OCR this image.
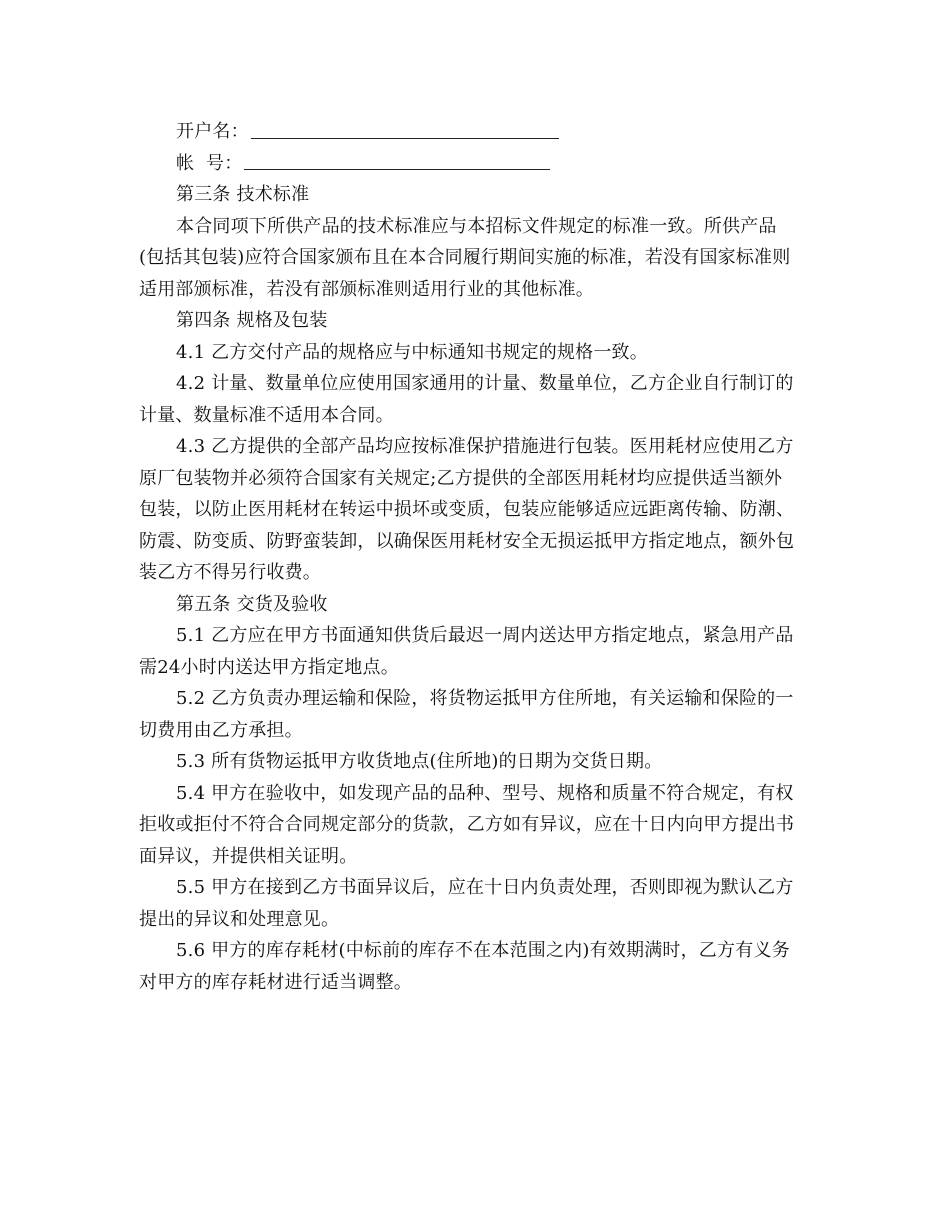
开户名：
帐  号：
第三条 技术标准
本合同项下所供产品的技术标准应与本招标文件规定的标准一致。所供产品
(包括其包装)应符合国家颁布且在本合同履行期间实施的标准，若没有国家标准则
适用部颁标准，若没有部颁标准则适用行业的其他标准。
第四条 规格及包装
4.1 乙方交付产品的规格应与中标通知书规定的规格一致。
4.2 计量、数量单位应使用国家通用的计量、数量单位，乙方企业自行制订的
计量、数量标准不适用本合同。
4.3 乙方提供的全部产品均应按标准保护措施进行包装。医用耗材应使用乙方
原厂包装物并必须符合国家有关规定;乙方提供的全部医用耗材均应提供适当额外
包装，以防止医用耗材在转运中损坏或变质，包装应能够适应远距离传输、防潮、
防震、防变质、防野蛮装卸，以确保医用耗材安全无损运抵甲方指定地点，额外包
装乙方不得另行收费。
第五条 交货及验收
5.1 乙方应在甲方书面通知供货后最迟一周内送达甲方指定地点，紧急用产品
需24小时内送达甲方指定地点。
5.2 乙方负责办理运输和保险，将货物运抵甲方住所地，有关运输和保险的一
切费用由乙方承担。
5.3 所有货物运抵甲方收货地点(住所地)的日期为交货日期。
5.4 甲方在验收中，如发现产品的品种、型号、规格和质量不符合规定，有权
拒收或拒付不符合合同规定部分的货款，乙方如有异议，应在十日内向甲方提出书
面异议，并提供相关证明。
5.5 甲方在接到乙方书面异议后，应在十日内负责处理，否则即视为默认乙方
提出的异议和处理意见。
5.6 甲方的库存耗材(中标前的库存不在本范围之内)有效期满时，乙方有义务
对甲方的库存耗材进行适当调整。
